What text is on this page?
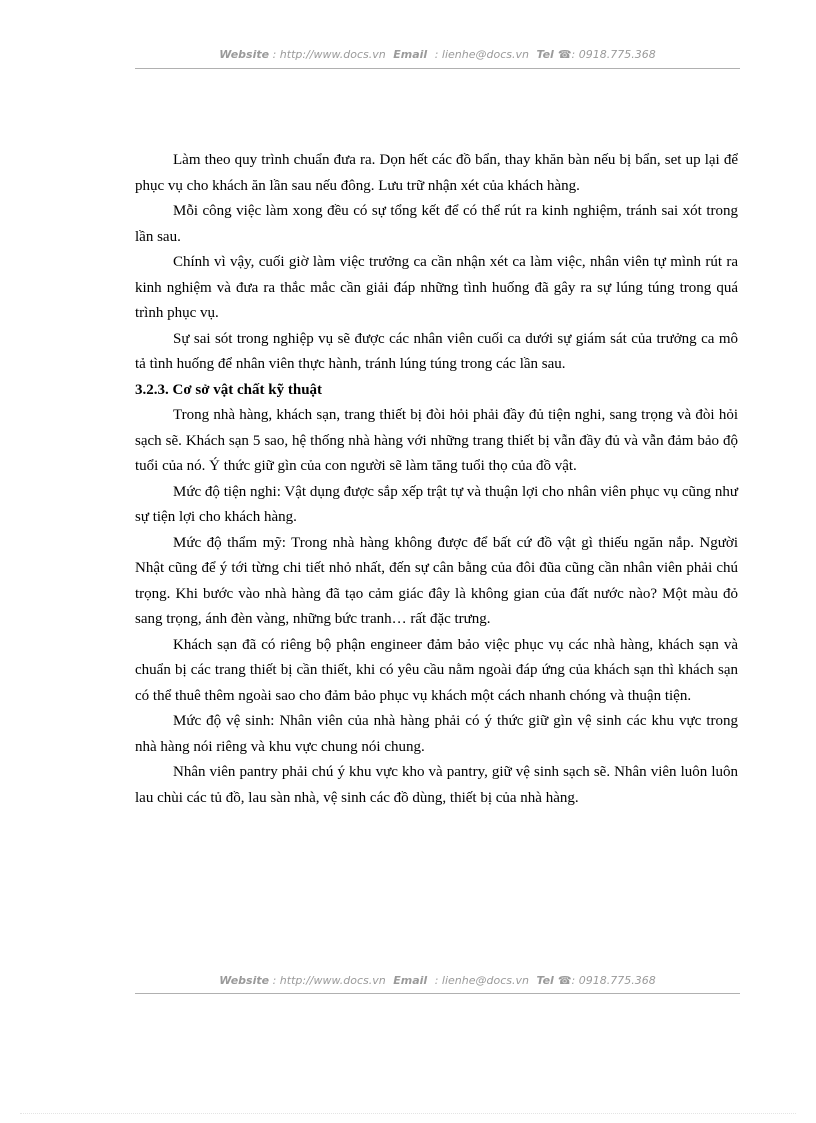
Website : http://www.docs.vn Email : lienhe@docs.vn Tel ☎: 0918.775.368

Làm theo quy trình chuẩn đưa ra. Dọn hết các đồ bẩn, thay khăn bàn nếu bị bẩn, set up lại để phục vụ cho khách ăn lần sau nếu đông. Lưu trữ nhận xét của khách hàng.

Mỗi công việc làm xong đều có sự tổng kết để có thể rút ra kinh nghiệm, tránh sai xót trong lần sau.

Chính vì vậy, cuối giờ làm việc trưởng ca cần nhận xét ca làm việc, nhân viên tự mình rút ra kinh nghiệm và đưa ra thắc mắc cần giải đáp những tình huống đã gây ra sự lúng túng trong quá trình phục vụ.

Sự sai sót trong nghiệp vụ sẽ được các nhân viên cuối ca dưới sự giám sát của trưởng ca mô tả tình huống để nhân viên thực hành, tránh lúng túng trong các lần sau.

3.2.3. Cơ sở vật chất kỹ thuật

Trong nhà hàng, khách sạn, trang thiết bị đòi hỏi phải đầy đủ tiện nghi, sang trọng và đòi hỏi sạch sẽ. Khách sạn 5 sao, hệ thống nhà hàng với những trang thiết bị vẫn đầy đủ và vẫn đảm bảo độ tuổi của nó. Ý thức giữ gìn của con người sẽ làm tăng tuổi thọ của đồ vật.

Mức độ tiện nghi: Vật dụng được sắp xếp trật tự và thuận lợi cho nhân viên phục vụ cũng như sự tiện lợi cho khách hàng.

Mức độ thẩm mỹ: Trong nhà hàng không được để bất cứ đồ vật gì thiếu ngăn nắp. Người Nhật cũng để ý tới từng chi tiết nhỏ nhất, đến sự cân bằng của đôi đũa cũng cần nhân viên phải chú trọng. Khi bước vào nhà hàng đã tạo cảm giác đây là không gian của đất nước nào? Một màu đỏ sang trọng, ánh đèn vàng, những bức tranh… rất đặc trưng.

Khách sạn đã có riêng bộ phận engineer đảm bảo việc phục vụ các nhà hàng, khách sạn và chuẩn bị các trang thiết bị cần thiết, khi có yêu cầu nằm ngoài đáp ứng của khách sạn thì khách sạn có thể thuê thêm ngoài sao cho đảm bảo phục vụ khách một cách nhanh chóng và thuận tiện.

Mức độ vệ sinh: Nhân viên của nhà hàng phải có ý thức giữ gìn vệ sinh các khu vực trong nhà hàng nói riêng và khu vực chung nói chung.

Nhân viên pantry phải chú ý khu vực kho và pantry, giữ vệ sinh sạch sẽ. Nhân viên luôn luôn lau chùi các tủ đồ, lau sàn nhà, vệ sinh các đồ dùng, thiết bị của nhà hàng.

Website : http://www.docs.vn Email : lienhe@docs.vn Tel ☎: 0918.775.368
